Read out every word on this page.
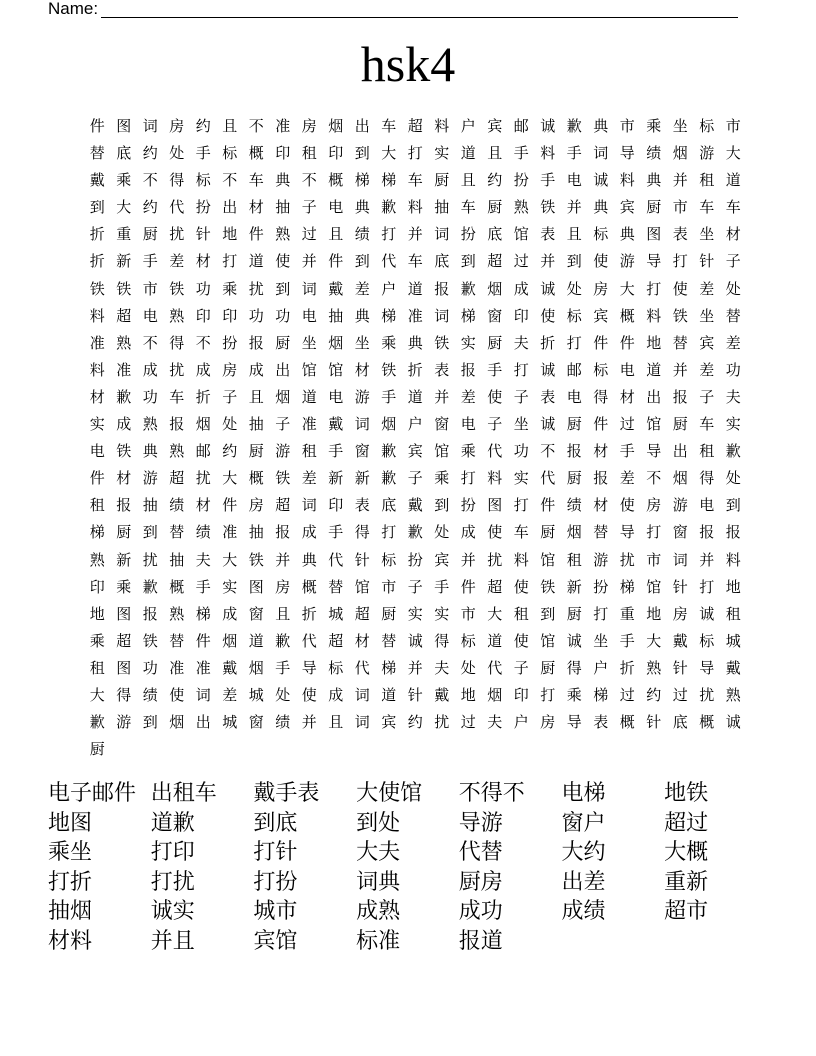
Name:
hsk4
件 图 词 房 约 且 不 准 房 烟 出 车 超 料 户 宾 邮 诚 歉 典 市 乘 坐 标 市
替 底 约 处 手 标 概 印 租 印 到 大 打 实 道 且 手 料 手 词 导 绩 烟 游 大
戴 乘 不 得 标 不 车 典 不 概 梯 梯 车 厨 且 约 扮 手 电 诚 料 典 并 租 道
到 大 约 代 扮 出 材 抽 子 电 典 歉 料 抽 车 厨 熟 铁 并 典 宾 厨 市 车 车
折 重 厨 扰 针 地 件 熟 过 且 绩 打 并 词 扮 底 馆 表 且 标 典 图 表 坐 材
折 新 手 差 材 打 道 使 并 件 到 代 车 底 到 超 过 并 到 使 游 导 打 针 子
铁 铁 市 铁 功 乘 扰 到 词 戴 差 户 道 报 歉 烟 成 诚 处 房 大 打 使 差 处
料 超 电 熟 印 印 功 功 电 抽 典 梯 准 词 梯 窗 印 使 标 宾 概 料 铁 坐 替
准 熟 不 得 不 扮 报 厨 坐 烟 坐 乘 典 铁 实 厨 夫 折 打 件 件 地 替 宾 差
料 准 成 扰 成 房 成 出 馆 馆 材 铁 折 表 报 手 打 诚 邮 标 电 道 并 差 功
材 歉 功 车 折 子 且 烟 道 电 游 手 道 并 差 使 子 表 电 得 材 出 报 子 夫
实 成 熟 报 烟 处 抽 子 准 戴 词 烟 户 窗 电 子 坐 诚 厨 件 过 馆 厨 车 实
电 铁 典 熟 邮 约 厨 游 租 手 窗 歉 宾 馆 乘 代 功 不 报 材 手 导 出 租 歉
件 材 游 超 扰 大 概 铁 差 新 新 歉 子 乘 打 料 实 代 厨 报 差 不 烟 得 处
租 报 抽 绩 材 件 房 超 词 印 表 底 戴 到 扮 图 打 件 绩 材 使 房 游 电 到
梯 厨 到 替 绩 准 抽 报 成 手 得 打 歉 处 成 使 车 厨 烟 替 导 打 窗 报 报
熟 新 扰 抽 夫 大 铁 并 典 代 针 标 扮 宾 并 扰 料 馆 租 游 扰 市 词 并 料
印 乘 歉 概 手 实 图 房 概 替 馆 市 子 手 件 超 使 铁 新 扮 梯 馆 针 打 地
地 图 报 熟 梯 成 窗 且 折 城 超 厨 实 实 市 大 租 到 厨 打 重 地 房 诚 租
乘 超 铁 替 件 烟 道 歉 代 超 材 替 诚 得 标 道 使 馆 诚 坐 手 大 戴 标 城
租 图 功 准 准 戴 烟 手 导 标 代 梯 并 夫 处 代 子 厨 得 户 折 熟 针 导 戴
大 得 绩 使 词 差 城 处 使 成 词 道 针 戴 地 烟 印 打 乘 梯 过 约 过 扰 熟
歉 游 到 烟 出 城 窗 绩 并 且 词 宾 约 扰 过 夫 户 房 导 表 概 针 底 概 诚
厨
电子邮件 出租车	戴手表	大使馆	不得不	电梯	地铁
地图	道歉	到底	到处	导游	窗户	超过
乘坐	打印	打针	大夫	代替	大约	大概
打折	打扰	打扮	词典	厨房	出差	重新
抽烟	诚实	城市	成熟	成功	成绩	超市
材料	并且	宾馆	标准	报道
